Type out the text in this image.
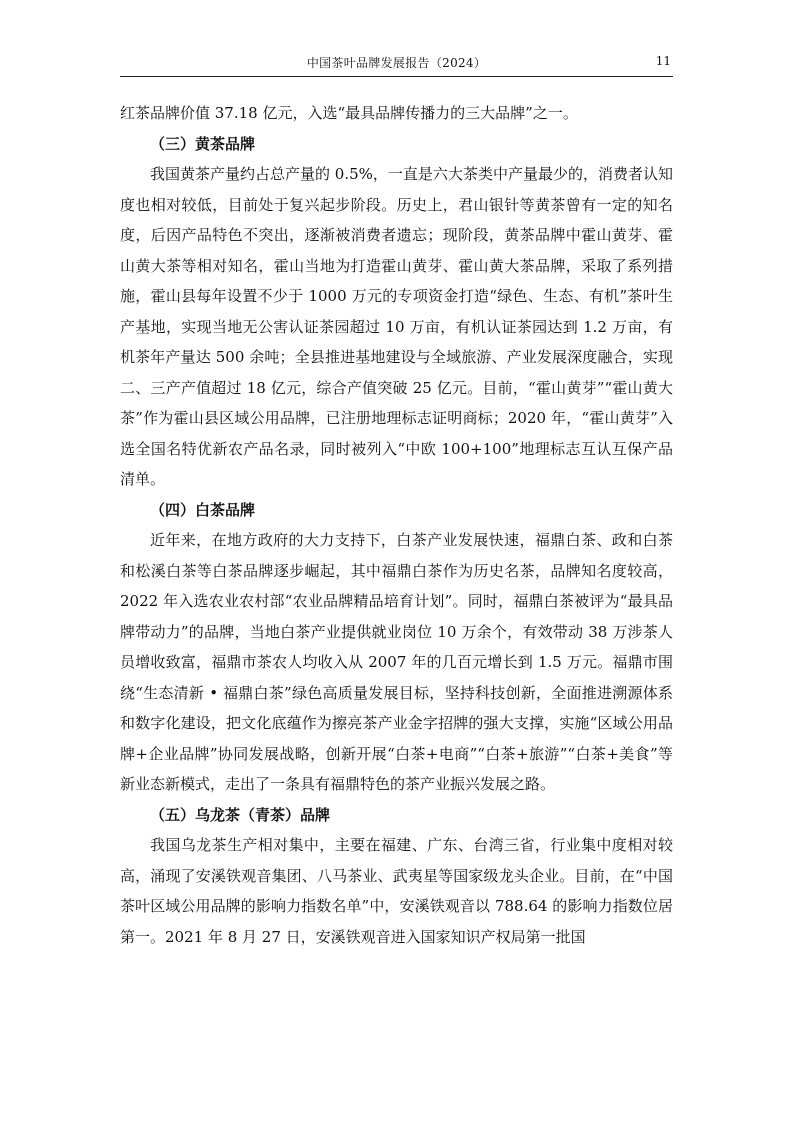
中国茶叶品牌发展报告（2024）	11

红茶品牌价值 37.18 亿元，入选“最具品牌传播力的三大品牌”之一。

（三）黄茶品牌

我国黄茶产量约占总产量的 0.5%，一直是六大茶类中产量最少的，消费者认知度也相对较低，目前处于复兴起步阶段。历史上，君山银针等黄茶曾有一定的知名度，后因产品特色不突出，逐渐被消费者遗忘；现阶段，黄茶品牌中霍山黄芽、霍山黄大茶等相对知名，霍山当地为打造霍山黄芽、霍山黄大茶品牌，采取了系列措施，霍山县每年设置不少于 1000 万元的专项资金打造“绿色、生态、有机”茶叶生产基地，实现当地无公害认证茶园超过 10 万亩，有机认证茶园达到 1.2 万亩，有机茶年产量达 500 余吨；全县推进基地建设与全域旅游、产业发展深度融合，实现二、三产产值超过 18 亿元，综合产值突破 25 亿元。目前，“霍山黄芽”“霍山黄大茶”作为霍山县区域公用品牌，已注册地理标志证明商标；2020 年，“霍山黄芽”入选全国名特优新农产品名录，同时被列入“中欧 100+100”地理标志互认互保产品清单。

（四）白茶品牌

近年来，在地方政府的大力支持下，白茶产业发展快速，福鼎白茶、政和白茶和松溪白茶等白茶品牌逐步崛起，其中福鼎白茶作为历史名茶，品牌知名度较高，2022 年入选农业农村部“农业品牌精品培育计划”。同时，福鼎白茶被评为“最具品牌带动力”的品牌，当地白茶产业提供就业岗位 10 万余个，有效带动 38 万涉茶人员增收致富，福鼎市茶农人均收入从 2007 年的几百元增长到 1.5 万元。福鼎市围绕“生态清新 • 福鼎白茶”绿色高质量发展目标，坚持科技创新，全面推进溯源体系和数字化建设，把文化底蕴作为擦亮茶产业金字招牌的强大支撑，实施“区域公用品牌+企业品牌”协同发展战略，创新开展“白茶+电商”“白茶+旅游”“白茶+美食”等新业态新模式，走出了一条具有福鼎特色的茶产业振兴发展之路。

（五）乌龙茶（青茶）品牌

我国乌龙茶生产相对集中，主要在福建、广东、台湾三省，行业集中度相对较高，涌现了安溪铁观音集团、八马茶业、武夷星等国家级龙头企业。目前，在“中国茶叶区域公用品牌的影响力指数名单”中，安溪铁观音以 788.64 的影响力指数位居第一。2021 年 8 月 27 日，安溪铁观音进入国家知识产权局第一批国
